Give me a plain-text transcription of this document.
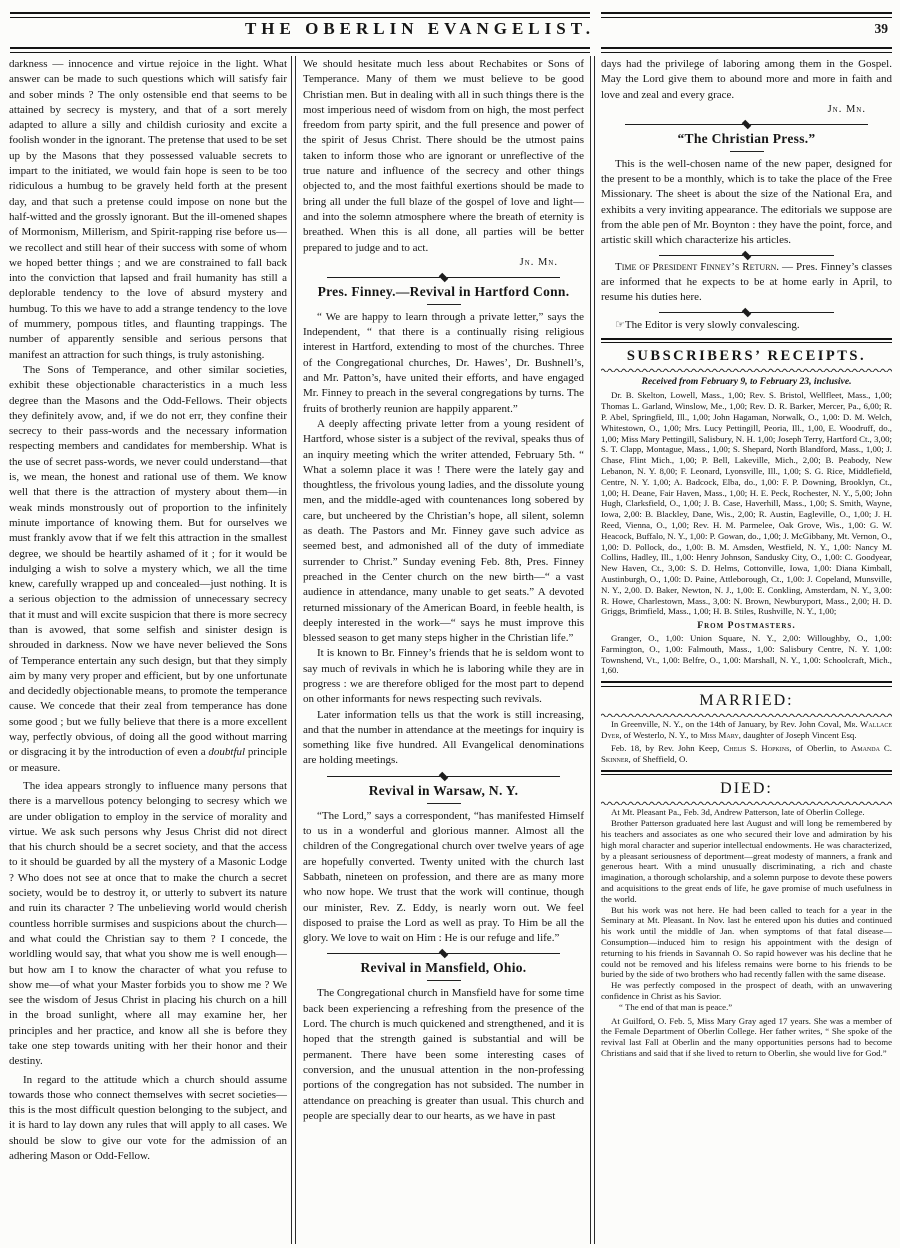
THE OBERLIN EVANGELIST.	39

darkness — innocence and virtue rejoice in the light. What answer can be made to such questions which will satisfy fair and sober minds ? The only ostensible end that seems to be attained by secrecy is mystery, and that of a sort merely adapted to allure a silly and childish curiosity and excite a foolish wonder in the ignorant. The pretense that used to be set up by the Masons that they possessed valuable secrets to impart to the initiated, we would fain hope is seen to be too ridiculous a humbug to be gravely held forth at the present day, and that such a pretense could impose on none but the half-witted and the grossly ignorant. But the ill-omened shapes of Mormonism, Millerism, and Spirit-rapping rise before us— we recollect and still hear of their success with some of whom we hoped better things ; and we are constrained to fall back into the conviction that lapsed and frail humanity has still a deplorable tendency to the love of absurd mystery and humbug. To this we have to add a strange tendency to the love of mummery, pompous titles, and flaunting trappings. The number of apparently sensible and serious persons that manifest an attraction for such things, is truly astonishing.

The Sons of Temperance, and other similar societies, exhibit these objectionable characteristics in a much less degree than the Masons and the Odd-Fellows. Their objects they definitely avow, and, if we do not err, they confine their secrecy to their pass-words and the necessary information respecting members and candidates for membership. What is the use of secret pass-words, we never could understand—that is, we mean, the honest and rational use of them. We know well that there is the attraction of mystery about them—in weak minds monstrously out of proportion to the infinitely minute importance of knowing them. But for ourselves we must frankly avow that if we felt this attraction in the smallest degree, we should be heartily ashamed of it ; for it would be indulging a wish to solve a mystery which, we all the time knew, carefully wrapped up and concealed—just nothing. It is a serious objection to the admission of unnecessary secrecy that it must and will excite suspicion that there is more secrecy than is avowed, that some selfish and sinister design is shrouded in darkness. Now we have never believed the Sons of Temperance entertain any such design, but that they simply aim by many very proper and efficient, but by one unfortunate and decidedly objectionable means, to promote the temperance cause. We concede that their zeal from temperance has done some good ; but we fully believe that there is a more excellent way, perfectly obvious, of doing all the good without marring or disgracing it by the introduction of even a doubtful principle or measure.

The idea appears strongly to influence many persons that there is a marvellous potency belonging to secresy which we are under obligation to employ in the service of morality and virtue. We ask such persons why Jesus Christ did not direct that his church should be a secret society, and that the access to it should be guarded by all the mystery of a Masonic Lodge ? Who does not see at once that to make the church a secret society, would be to destroy it, or utterly to subvert its nature and ruin its character ? The unbelieving world would cherish countless horrible surmises and suspicions about the church—and what could the Christian say to them ? I concede, the worldling would say, that what you show me is well enough—but how am I to know the character of what you refuse to show me—of what your Master forbids you to show me ? We see the wisdom of Jesus Christ in placing his church on a hill in the broad sunlight, where all may examine her, her principles and her practice, and know all she is before they take one step towards uniting with her their honor and their destiny.

In regard to the attitude which a church should assume towards those who connect themselves with secret societies—this is the most difficult question belonging to the subject, and it is hard to lay down any rules that will apply to all cases. We should be slow to give our vote for the admission of an adhering Mason or Odd-Fellow.

We should hesitate much less about Rechabites or Sons of Temperance. Many of them we must believe to be good Christian men. But in dealing with all in such things there is the most imperious need of wisdom from on high, the most perfect freedom from party spirit, and the full presence and power of the spirit of Jesus Christ. There should be the utmost pains taken to inform those who are ignorant or unreflective of the true nature and influence of the secrecy and other things objected to, and the most faithful exertions should be made to bring all under the full blaze of the gospel of love and light—and into the solemn atmosphere where the breath of eternity is breathed. When this is all done, all parties will be better prepared to judge and to act.

Jn. Mn.

Pres. Finney.—Revival in Hartford Conn.

“ We are happy to learn through a private letter,” says the Independent, “ that there is a continually rising religious interest in Hartford, extending to most of the churches. Three of the Congregational churches, Dr. Hawes’, Dr. Bushnell’s, and Mr. Patton’s, have united their efforts, and have engaged Mr. Finney to preach in the several congregations by turns. The fruits of brotherly reunion are happily apparent.”

A deeply affecting private letter from a young resident of Hartford, whose sister is a subject of the revival, speaks thus of an inquiry meeting which the writer attended, February 5th. “ What a solemn place it was ! There were the lately gay and thoughtless, the frivolous young ladies, and the dissolute young men, and the middle-aged with countenances long sobered by care, but uncheered by the Christian’s hope, all silent, solemn as death. The Pastors and Mr. Finney gave such advice as seemed best, and admonished all of the duty of immediate surrender to Christ.” Sunday evening Feb. 8th, Pres. Finney preached in the Center church on the new birth—“ a vast audience in attendance, many unable to get seats.” A devoted returned missionary of the American Board, in feeble health, is deeply interested in the work—“ says he must improve this blessed season to get many steps higher in the Christian life.”

It is known to Br. Finney’s friends that he is seldom wont to say much of revivals in which he is laboring while they are in progress : we are therefore obliged for the most part to depend on other informants for news respecting such revivals.

Later information tells us that the work is still increasing, and that the number in attendance at the meetings for inquiry is something like five hundred. All Evangelical denominations are holding meetings.

Revival in Warsaw, N. Y.

“The Lord,” says a correspondent, “has manifested Himself to us in a wonderful and glorious manner. Almost all the children of the Congregational church over twelve years of age are hopefully converted. Twenty united with the church last Sabbath, nineteen on profession, and there are as many more who now hope. We trust that the work will continue, though our minister, Rev. Z. Eddy, is nearly worn out. We feel disposed to praise the Lord as well as pray. To Him be all the glory. We love to wait on Him : He is our refuge and life.”

Revival in Mansfield, Ohio.

The Congregational church in Mansfield have for some time back been experiencing a refreshing from the presence of the Lord. The church is much quickened and strengthened, and it is hoped that the strength gained is substantial and will be permanent. There have been some interesting cases of conversion, and the unusual attention in the non-professing portions of the congregation has not subsided. The number in attendance on preaching is greater than usual. This church and people are specially dear to our hearts, as we have in past

days had the privilege of laboring among them in the Gospel. May the Lord give them to abound more and more in faith and love and zeal and every grace.

Jn. Mn.

“The Christian Press.”

This is the well-chosen name of the new paper, designed for the present to be a monthly, which is to take the place of the Free Missionary. The sheet is about the size of the National Era, and exhibits a very inviting appearance. The editorials we suppose are from the able pen of Mr. Boynton : they have the point, force, and artistic skill which characterize his articles.

Time of President Finney’s Return. — Pres. Finney’s classes are informed that he expects to be at home early in April, to resume his duties here.

☞The Editor is very slowly convalescing.

SUBSCRIBERS’ RECEIPTS.

Received from February 9, to February 23, inclusive.

Dr. B. Skelton, Lowell, Mass., 1,00; Rev. S. Bristol, Wellfleet, Mass., 1,00; Thomas L. Garland, Winslow, Me., 1,00; Rev. D. R. Barker, Mercer, Pa., 6,00; R. P. Abel, Springfield, Ill., 1,00; John Hagaman, Norwalk, O., 1,00: D. M. Welch, Whitestown, O., 1,00; Mrs. Lucy Pettingill, Peoria, Ill., 1,00, E. Woodruff, do., 1,00; Miss Mary Pettingill, Salisbury, N. H. 1,00; Joseph Terry, Hartford Ct., 3,00; S. T. Clapp, Montague, Mass., 1,00; S. Shepard, North Blandford, Mass., 1,00; J. Chase, Flint Mich., 1,00; P. Bell, Lakeville, Mich., 2,00; B. Peabody, New Lebanon, N. Y. 8,00; F. Leonard, Lyonsville, Ill., 1,00; S. G. Rice, Middlefield, Centre, N. Y. 1,00; A. Badcock, Elba, do., 1,00: F. P. Downing, Brooklyn, Ct., 1,00; H. Deane, Fair Haven, Mass., 1,00; H. E. Peck, Rochester, N. Y., 5,00; John Hugh, Clarksfield, O., 1,00; J. B. Case, Haverhill, Mass., 1,00; S. Smith, Wayne, Iowa, 2,00: B. Blackley, Dane, Wis., 2,00; R. Austin, Eagleville, O., 1,00; J. H. Reed, Vienna, O., 1,00; Rev. H. M. Parmelee, Oak Grove, Wis., 1,00: G. W. Heacock, Buffalo, N. Y., 1,00: P. Gowan, do., 1,00; J. McGibbany, Mt. Vernon, O., 1,00: D. Pollock, do., 1,00: B. M. Amsden, Westfield, N. Y., 1,00: Nancy M. Collins, Hadley, Ill., 1,00: Henry Johnson, Sandusky City, O., 1,00: C. Goodyear, New Haven, Ct., 3,00: S. D. Helms, Cottonville, Iowa, 1,00: Diana Kimball, Austinburgh, O., 1,00: D. Paine, Attleborough, Ct., 1,00: J. Copeland, Munsville, N. Y., 2,00. D. Baker, Newton, N. J., 1,00: E. Conkling, Amsterdam, N. Y., 3,00: R. Howe, Charlestown, Mass., 3,00: N. Brown, Newburyport, Mass., 2,00; H. D. Griggs, Brimfield, Mass., 1,00; H. B. Stiles, Rushville, N. Y., 1,00;

From Postmasters.

Granger, O., 1,00: Union Square, N. Y., 2,00: Willoughby, O., 1,00: Farmington, O., 1,00: Falmouth, Mass., 1,00: Salisbury Centre, N. Y. 1,00: Townshend, Vt., 1,00: Belfre, O., 1,00: Marshall, N. Y., 1,00: Schoolcraft, Mich., 1,60.

MARRIED:

In Greenville, N. Y., on the 14th of January, by Rev. John Coval, Mr. Wallace Dyer, of Westerlo, N. Y., to Miss Mary, daughter of Joseph Vincent Esq.

Feb. 18, by Rev. John Keep, Chelis S. Hopkins, of Oberlin, to Amanda C. Skinner, of Sheffield, O.

DIED:

At Mt. Pleasant Pa., Feb. 3d, Andrew Patterson, late of Oberlin College.

Brother Patterson graduated here last August and will long be remembered by his teachers and associates as one who secured their love and admiration by his high moral character and superior intellectual endowments. He was characterized, by a pleasant seriousness of deportment—great modesty of manners, a frank and generous heart. With a mind unusually discriminating, a rich and chaste imagination, a thorough scholarship, and a solemn purpose to devote these powers and acquisitions to the great ends of life, he gave promise of much usefulness in the world.

But his work was not here. He had been called to teach for a year in the Seminary at Mt. Pleasant. In Nov. last he entered upon his duties and continued his work until the middle of Jan. when symptoms of that fatal disease—Consumption—induced him to resign his appointment with the design of returning to his friends in Savannah O. So rapid however was his decline that he could not be removed and his lifeless remains were borne to his friends to be buried by the side of two brothers who had recently fallen with the same disease.

He was perfectly composed in the prospect of death, with an unwavering confidence in Christ as his Savior.

“ The end of that man is peace.”

At Guilford, O. Feb. 5, Miss Mary Gray aged 17 years. She was a member of the Female Department of Oberlin College. Her father writes, “ She spoke of the revival last Fall at Oberlin and the many opportunities persons had to become Christians and said that if she lived to return to Oberlin, she would live for God.”
